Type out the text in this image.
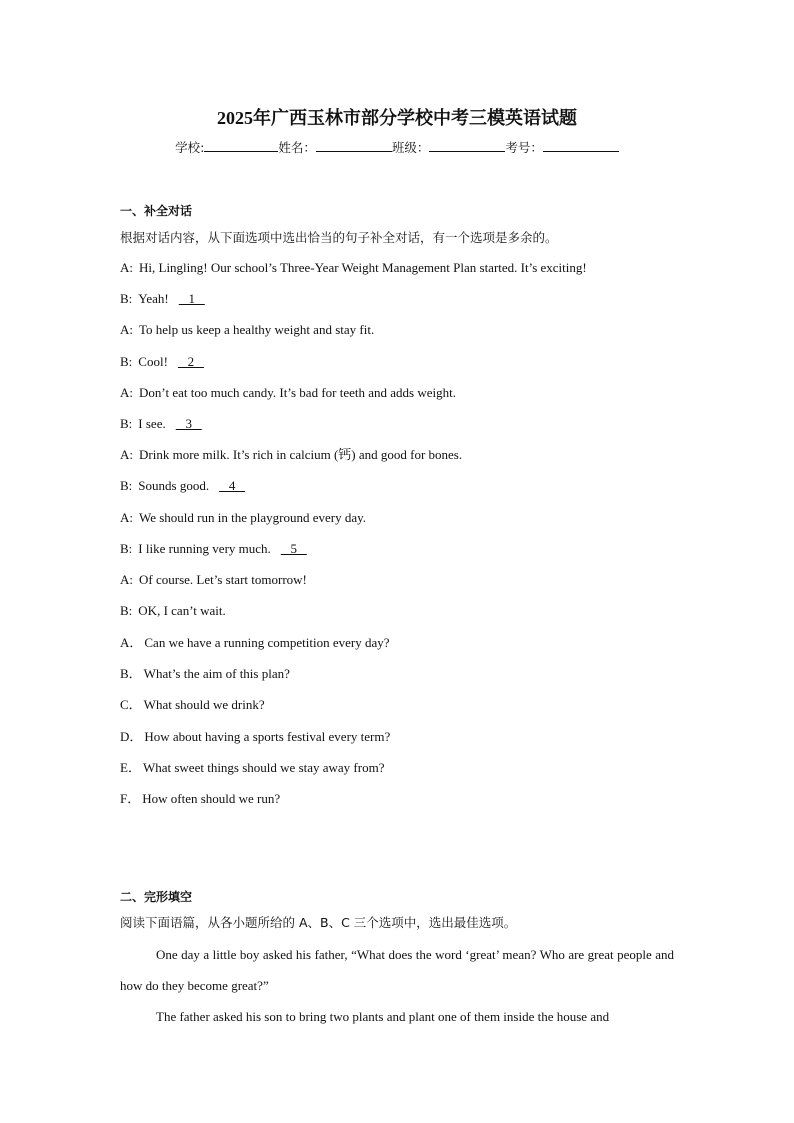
2025年广西玉林市部分学校中考三模英语试题
学校:	姓名：	班级：	考号：
一、补全对话
根据对话内容，从下面选项中选出恰当的句子补全对话，有一个选项是多余的。
A: Hi, Lingling! Our school’s Three-Year Weight Management Plan started. It’s exciting!
B: Yeah!   1
A: To help us keep a healthy weight and stay fit.
B: Cool!   2
A: Don’t eat too much candy. It’s bad for teeth and adds weight.
B: I see.   3
A: Drink more milk. It’s rich in calcium (钙) and good for bones.
B: Sounds good.   4
A: We should run in the playground every day.
B: I like running very much.   5
A: Of course. Let’s start tomorrow!
B: OK, I can’t wait.
A． Can we have a running competition every day?
B． What’s the aim of this plan?
C． What should we drink?
D． How about having a sports festival every term?
E． What sweet things should we stay away from?
F． How often should we run?
二、完形填空
阅读下面语篇，从各小题所给的 A、B、C 三个选项中，选出最佳选项。
One day a little boy asked his father, “What does the word ‘great’ mean? Who are great people and how do they become great?”
The father asked his son to bring two plants and plant one of them inside the house and
